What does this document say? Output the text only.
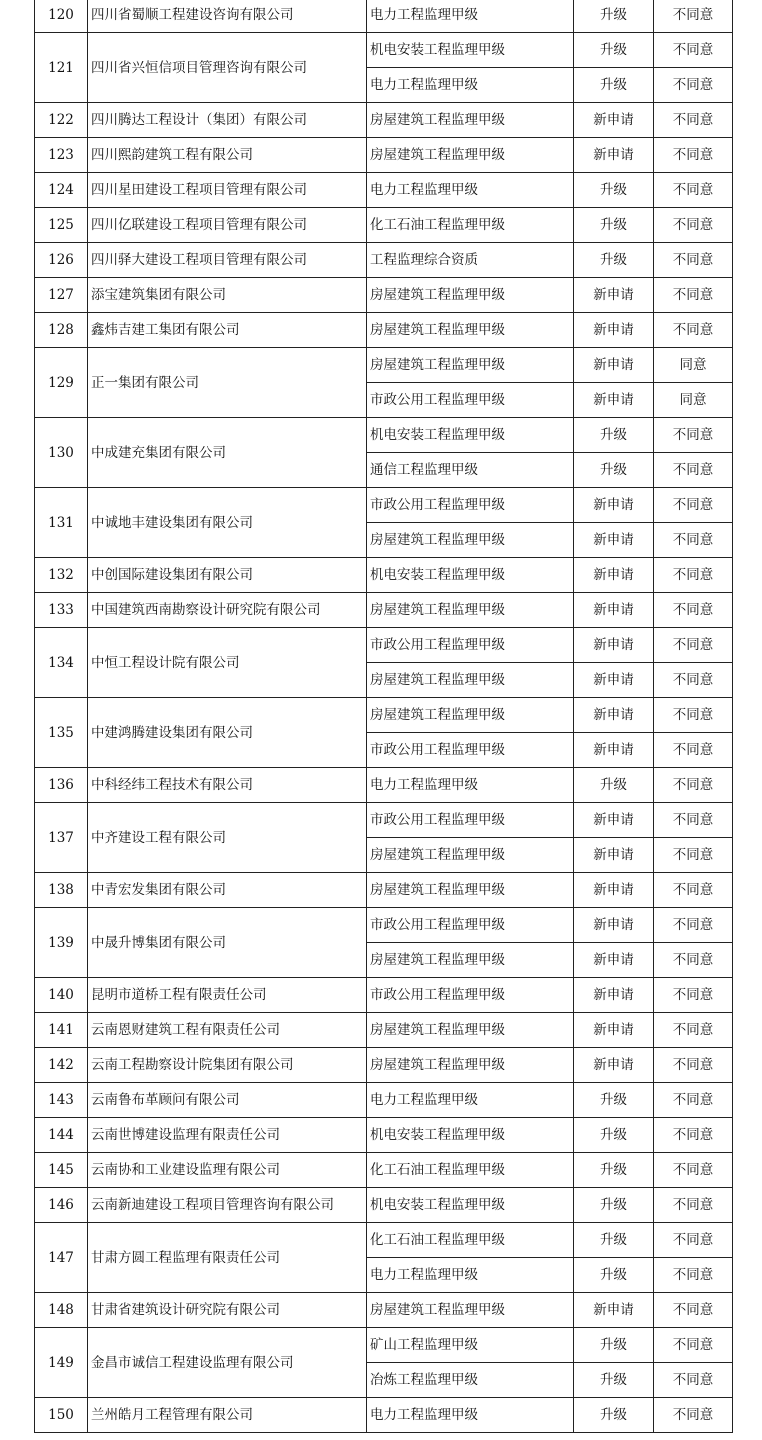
120	四川省蜀顺工程建设咨询有限公司	电力工程监理甲级	升级	不同意
121	四川省兴恒信项目管理咨询有限公司	机电安装工程监理甲级	升级	不同意
		电力工程监理甲级	升级	不同意
122	四川腾达工程设计（集团）有限公司	房屋建筑工程监理甲级	新申请	不同意
123	四川熙韵建筑工程有限公司	房屋建筑工程监理甲级	新申请	不同意
124	四川星田建设工程项目管理有限公司	电力工程监理甲级	升级	不同意
125	四川亿联建设工程项目管理有限公司	化工石油工程监理甲级	升级	不同意
126	四川驿大建设工程项目管理有限公司	工程监理综合资质	升级	不同意
127	添宝建筑集团有限公司	房屋建筑工程监理甲级	新申请	不同意
128	鑫炜吉建工集团有限公司	房屋建筑工程监理甲级	新申请	不同意
129	正一集团有限公司	房屋建筑工程监理甲级	新申请	同意
		市政公用工程监理甲级	新申请	同意
130	中成建充集团有限公司	机电安装工程监理甲级	升级	不同意
		通信工程监理甲级	升级	不同意
131	中诚地丰建设集团有限公司	市政公用工程监理甲级	新申请	不同意
		房屋建筑工程监理甲级	新申请	不同意
132	中创国际建设集团有限公司	机电安装工程监理甲级	新申请	不同意
133	中国建筑西南勘察设计研究院有限公司	房屋建筑工程监理甲级	新申请	不同意
134	中恒工程设计院有限公司	市政公用工程监理甲级	新申请	不同意
		房屋建筑工程监理甲级	新申请	不同意
135	中建鸿腾建设集团有限公司	房屋建筑工程监理甲级	新申请	不同意
		市政公用工程监理甲级	新申请	不同意
136	中科经纬工程技术有限公司	电力工程监理甲级	升级	不同意
137	中齐建设工程有限公司	市政公用工程监理甲级	新申请	不同意
		房屋建筑工程监理甲级	新申请	不同意
138	中青宏发集团有限公司	房屋建筑工程监理甲级	新申请	不同意
139	中晟升博集团有限公司	市政公用工程监理甲级	新申请	不同意
		房屋建筑工程监理甲级	新申请	不同意
140	昆明市道桥工程有限责任公司	市政公用工程监理甲级	新申请	不同意
141	云南恩财建筑工程有限责任公司	房屋建筑工程监理甲级	新申请	不同意
142	云南工程勘察设计院集团有限公司	房屋建筑工程监理甲级	新申请	不同意
143	云南鲁布革顾问有限公司	电力工程监理甲级	升级	不同意
144	云南世博建设监理有限责任公司	机电安装工程监理甲级	升级	不同意
145	云南协和工业建设监理有限公司	化工石油工程监理甲级	升级	不同意
146	云南新迪建设工程项目管理咨询有限公司	机电安装工程监理甲级	升级	不同意
147	甘肃方圆工程监理有限责任公司	化工石油工程监理甲级	升级	不同意
		电力工程监理甲级	升级	不同意
148	甘肃省建筑设计研究院有限公司	房屋建筑工程监理甲级	新申请	不同意
149	金昌市诚信工程建设监理有限公司	矿山工程监理甲级	升级	不同意
		冶炼工程监理甲级	升级	不同意
150	兰州皓月工程管理有限公司	电力工程监理甲级	升级	不同意
